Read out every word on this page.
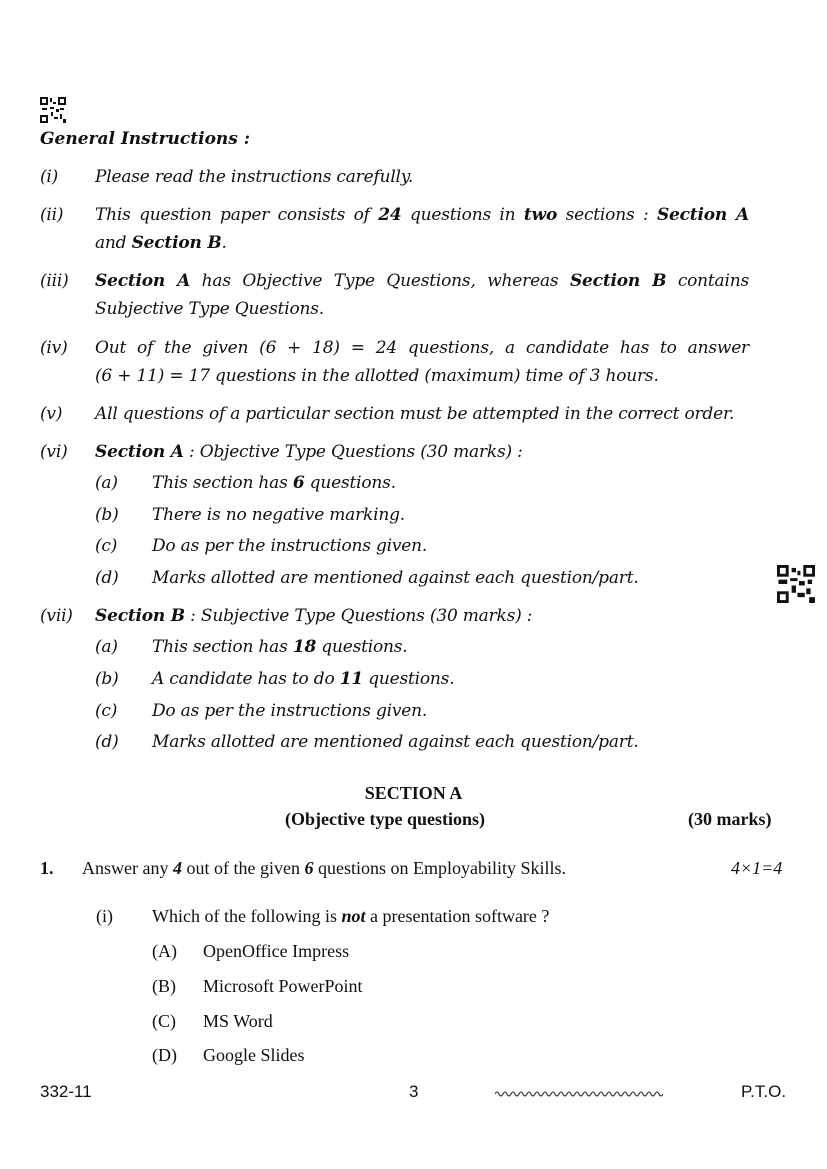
General Instructions :
(i) Please read the instructions carefully.
(ii) This question paper consists of 24 questions in two sections : Section A
and Section B.
(iii) Section A has Objective Type Questions, whereas Section B contains
Subjective Type Questions.
(iv) Out of the given (6 + 18) = 24 questions, a candidate has to answer
(6 + 11) = 17 questions in the allotted (maximum) time of 3 hours.
(v) All questions of a particular section must be attempted in the correct order.
(vi) Section A : Objective Type Questions (30 marks) :
(a) This section has 6 questions.
(b) There is no negative marking.
(c) Do as per the instructions given.
(d) Marks allotted are mentioned against each question/part.
(vii) Section B : Subjective Type Questions (30 marks) :
(a) This section has 18 questions.
(b) A candidate has to do 11 questions.
(c) Do as per the instructions given.
(d) Marks allotted are mentioned against each question/part.
SECTION A
(Objective type questions)	(30 marks)
1. Answer any 4 out of the given 6 questions on Employability Skills.	4×1=4
(i) Which of the following is not a presentation software ?
(A) OpenOffice Impress
(B) Microsoft PowerPoint
(C) MS Word
(D) Google Slides
332-11	3	P.T.O.
